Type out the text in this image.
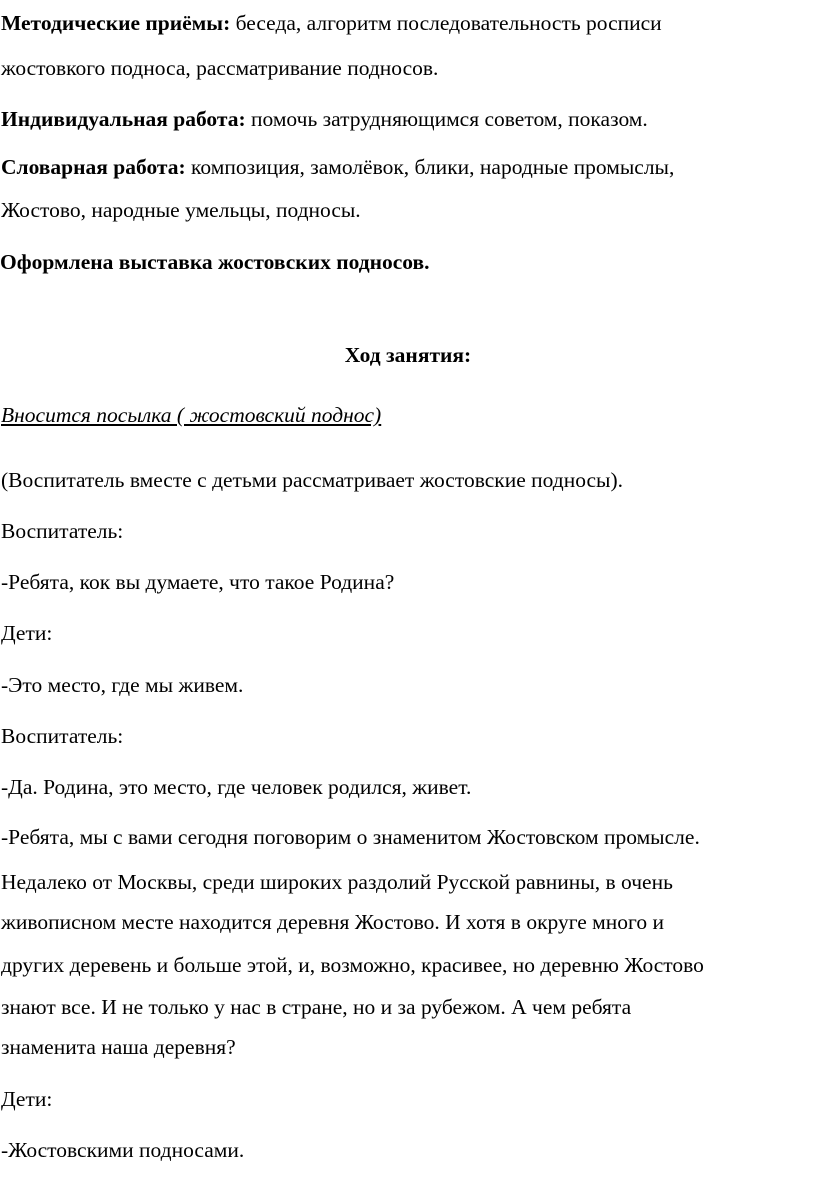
Методические приёмы: беседа, алгоритм последовательность росписи
жостовкого подноса, рассматривание подносов.
Индивидуальная работа: помочь затрудняющимся советом, показом.
Словарная работа: композиция, замолёвок, блики, народные промыслы,
Жостово, народные умельцы, подносы.
Оформлена выставка жостовских подносов.
Ход занятия:
Вносится посылка ( жостовский поднос)
(Воспитатель вместе с детьми рассматривает жостовские подносы).
Воспитатель:
-Ребята, кок вы думаете, что такое Родина?
Дети:
-Это место, где мы живем.
Воспитатель:
-Да. Родина, это место, где человек родился, живет.
-Ребята, мы с вами сегодня поговорим о знаменитом Жостовском промысле.
Недалеко от Москвы, среди широких раздолий Русской равнины, в очень
живописном месте находится деревня Жостово. И хотя в округе много и
других деревень и больше этой, и, возможно, красивее, но деревню Жостово
знают все. И не только у нас в стране, но и за рубежом. А чем ребята
знаменита наша деревня?
Дети:
-Жостовскими подносами.
